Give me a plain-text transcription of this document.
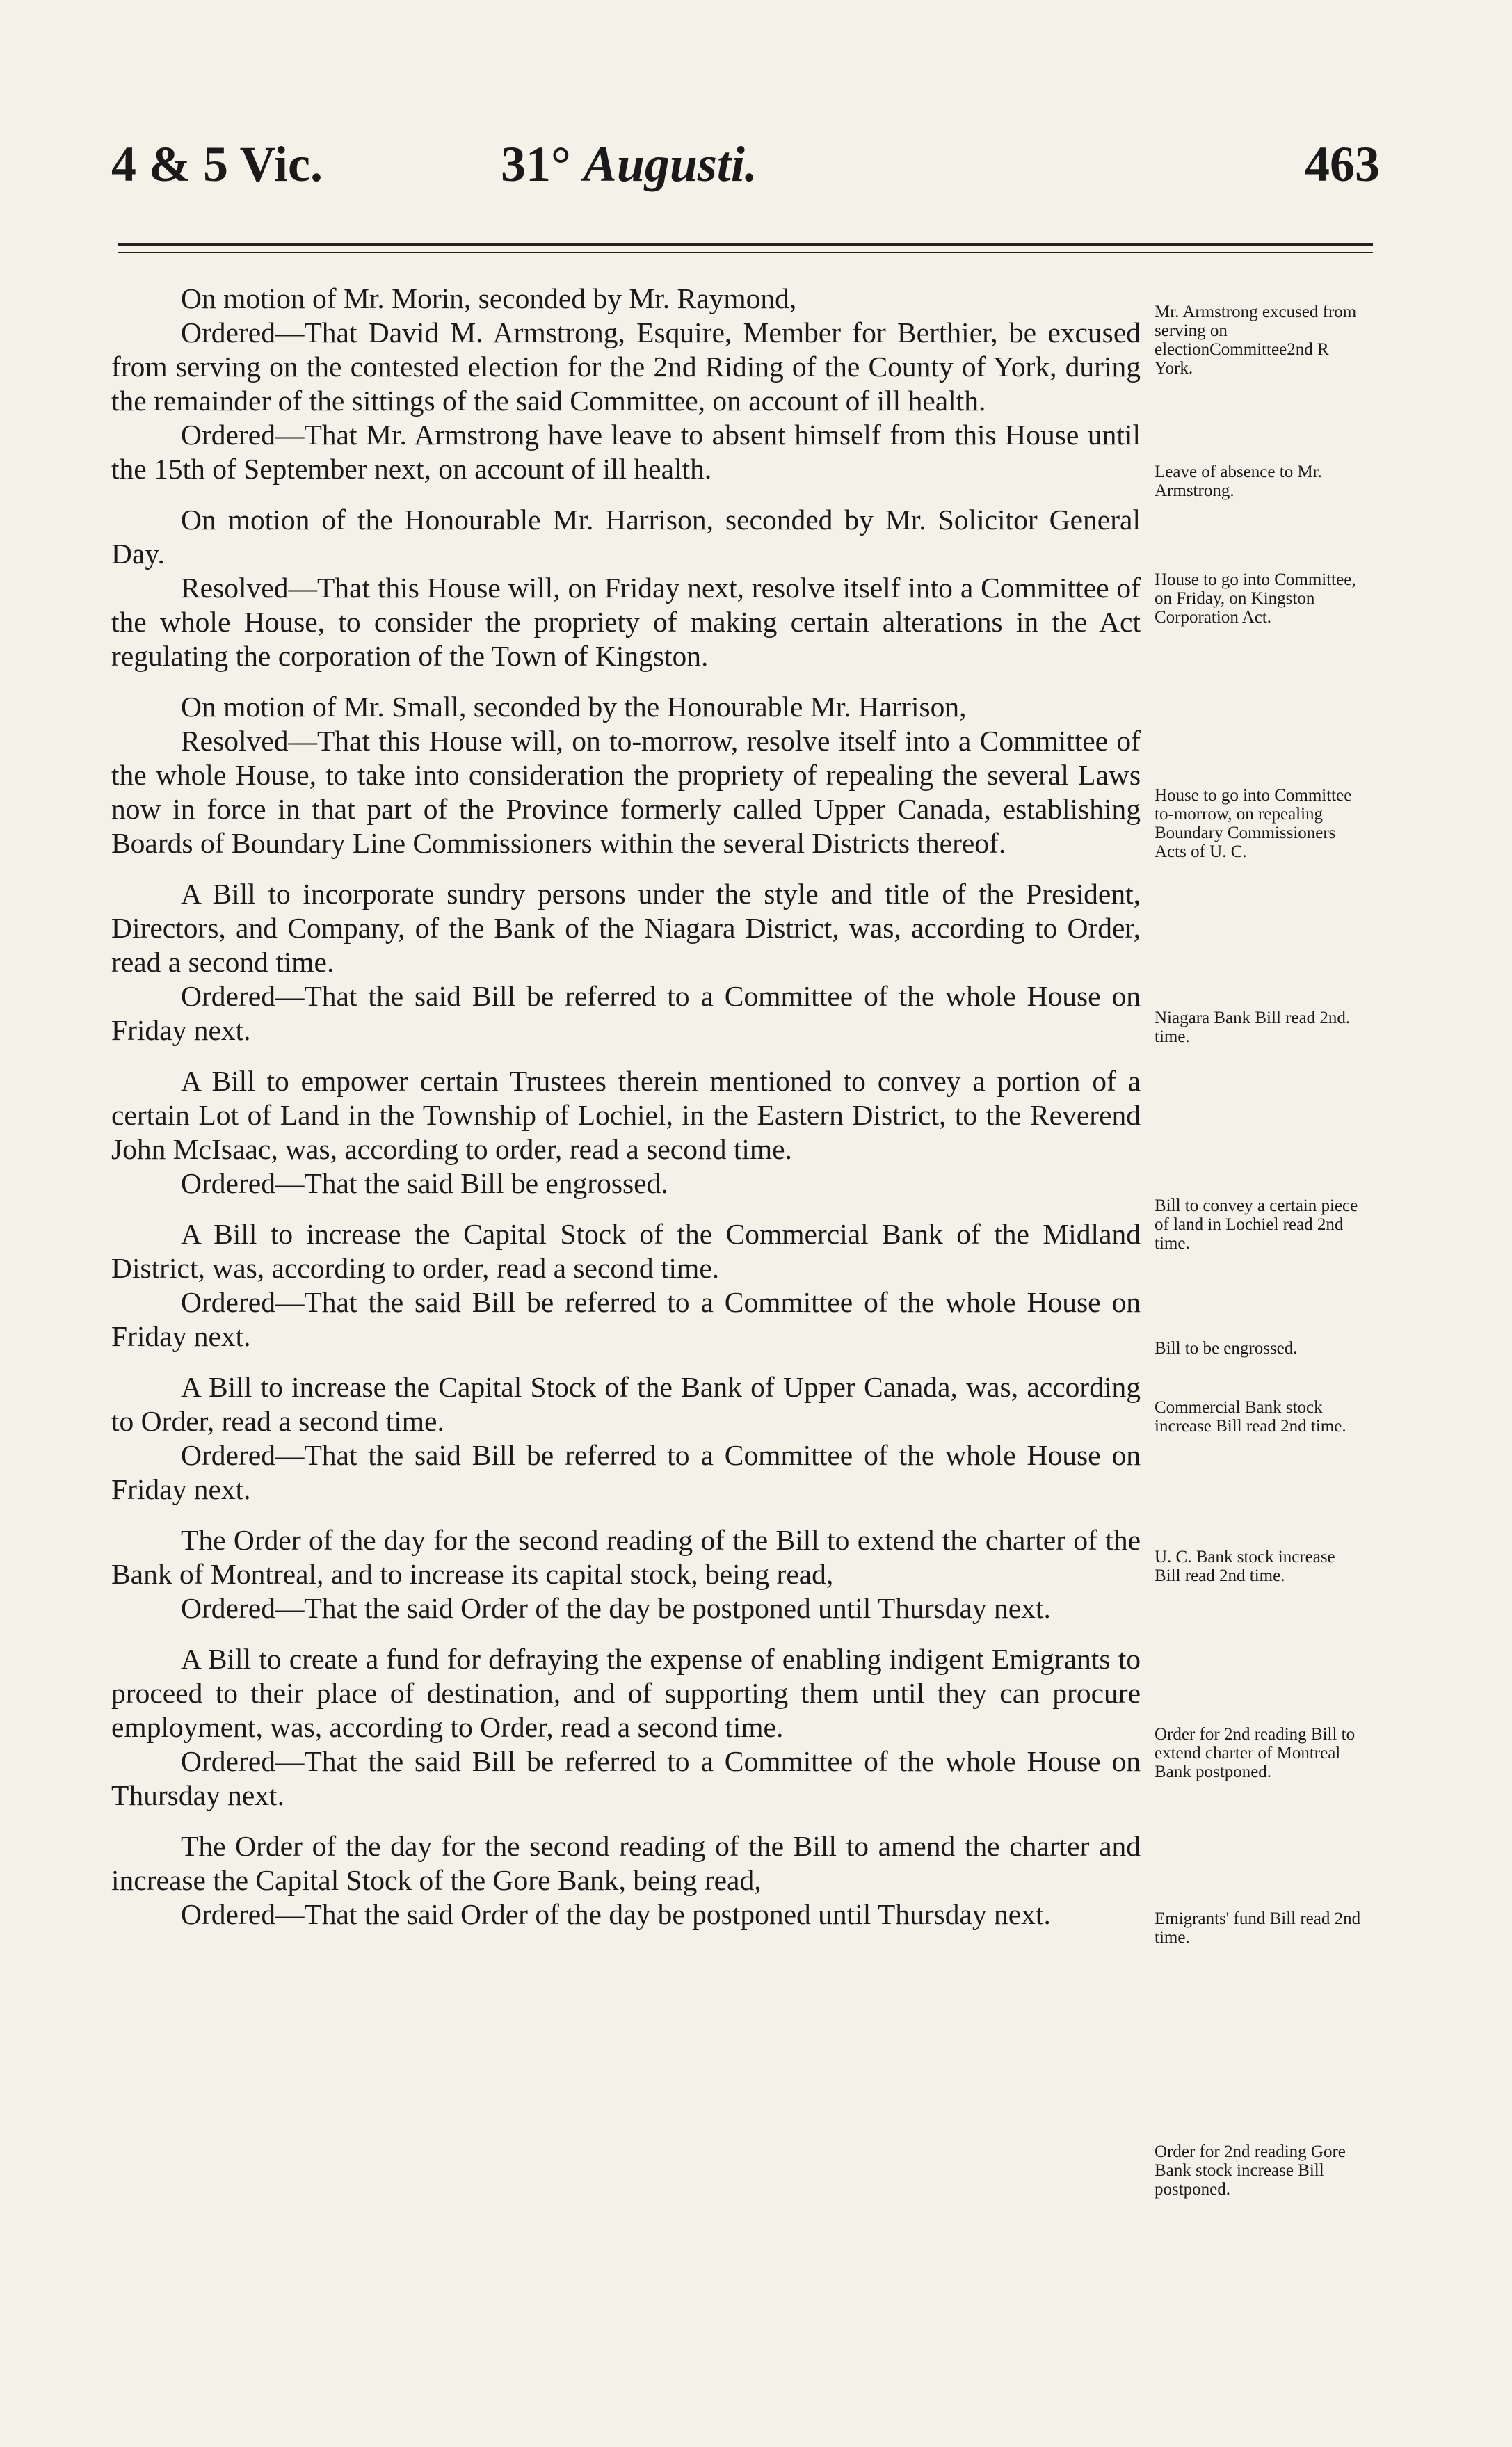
4 & 5 Vic.	31° Augusti.	463

On motion of Mr. Morin, seconded by Mr. Raymond,

Ordered—That David M. Armstrong, Esquire, Member for Berthier, be excused from serving on the contested election for the 2nd Riding of the County of York, during the remainder of the sittings of the said Committee, on account of ill health.

Ordered—That Mr. Armstrong have leave to absent himself from this House until the 15th of September next, on account of ill health.

On motion of the Honourable Mr. Harrison, seconded by Mr. Solicitor General Day.

Resolved—That this House will, on Friday next, resolve itself into a Committee of the whole House, to consider the propriety of making certain alterations in the Act regulating the corporation of the Town of Kingston.

On motion of Mr. Small, seconded by the Honourable Mr. Harrison,

Resolved—That this House will, on to-morrow, resolve itself into a Committee of the whole House, to take into consideration the propriety of repealing the several Laws now in force in that part of the Province formerly called Upper Canada, establishing Boards of Boundary Line Commissioners within the several Districts thereof.

A Bill to incorporate sundry persons under the style and title of the President, Directors, and Company, of the Bank of the Niagara District, was, according to Order, read a second time.

Ordered—That the said Bill be referred to a Committee of the whole House on Friday next.

A Bill to empower certain Trustees therein mentioned to convey a portion of a certain Lot of Land in the Township of Lochiel, in the Eastern District, to the Reverend John McIsaac, was, according to order, read a second time.

Ordered—That the said Bill be engrossed.

A Bill to increase the Capital Stock of the Commercial Bank of the Midland District, was, according to order, read a second time.

Ordered—That the said Bill be referred to a Committee of the whole House on Friday next.

A Bill to increase the Capital Stock of the Bank of Upper Canada, was, according to Order, read a second time.

Ordered—That the said Bill be referred to a Committee of the whole House on Friday next.

The Order of the day for the second reading of the Bill to extend the charter of the Bank of Montreal, and to increase its capital stock, being read,

Ordered—That the said Order of the day be postponed until Thursday next.

A Bill to create a fund for defraying the expense of enabling indigent Emigrants to proceed to their place of destination, and of supporting them until they can procure employment, was, according to Order, read a second time.

Ordered—That the said Bill be referred to a Committee of the whole House on Thursday next.

The Order of the day for the second reading of the Bill to amend the charter and increase the Capital Stock of the Gore Bank, being read,

Ordered—That the said Order of the day be postponed until Thursday next.

Mr. Armstrong excused from serving on electionCommittee2nd R York.
Leave of absence to Mr. Armstrong.
House to go into Committee, on Friday, on Kingston Corporation Act.
House to go into Committee to-morrow, on repealing Boundary Commissioners Acts of U. C.
Niagara Bank Bill read 2nd. time.
Bill to convey a certain piece of land in Lochiel read 2nd time.
Bill to be engrossed.
Commercial Bank stock increase Bill read 2nd time.
U. C. Bank stock increase Bill read 2nd time.
Order for 2nd reading Bill to extend charter of Montreal Bank postponed.
Emigrants' fund Bill read 2nd time.
Order for 2nd reading Gore Bank stock increase Bill postponed.
